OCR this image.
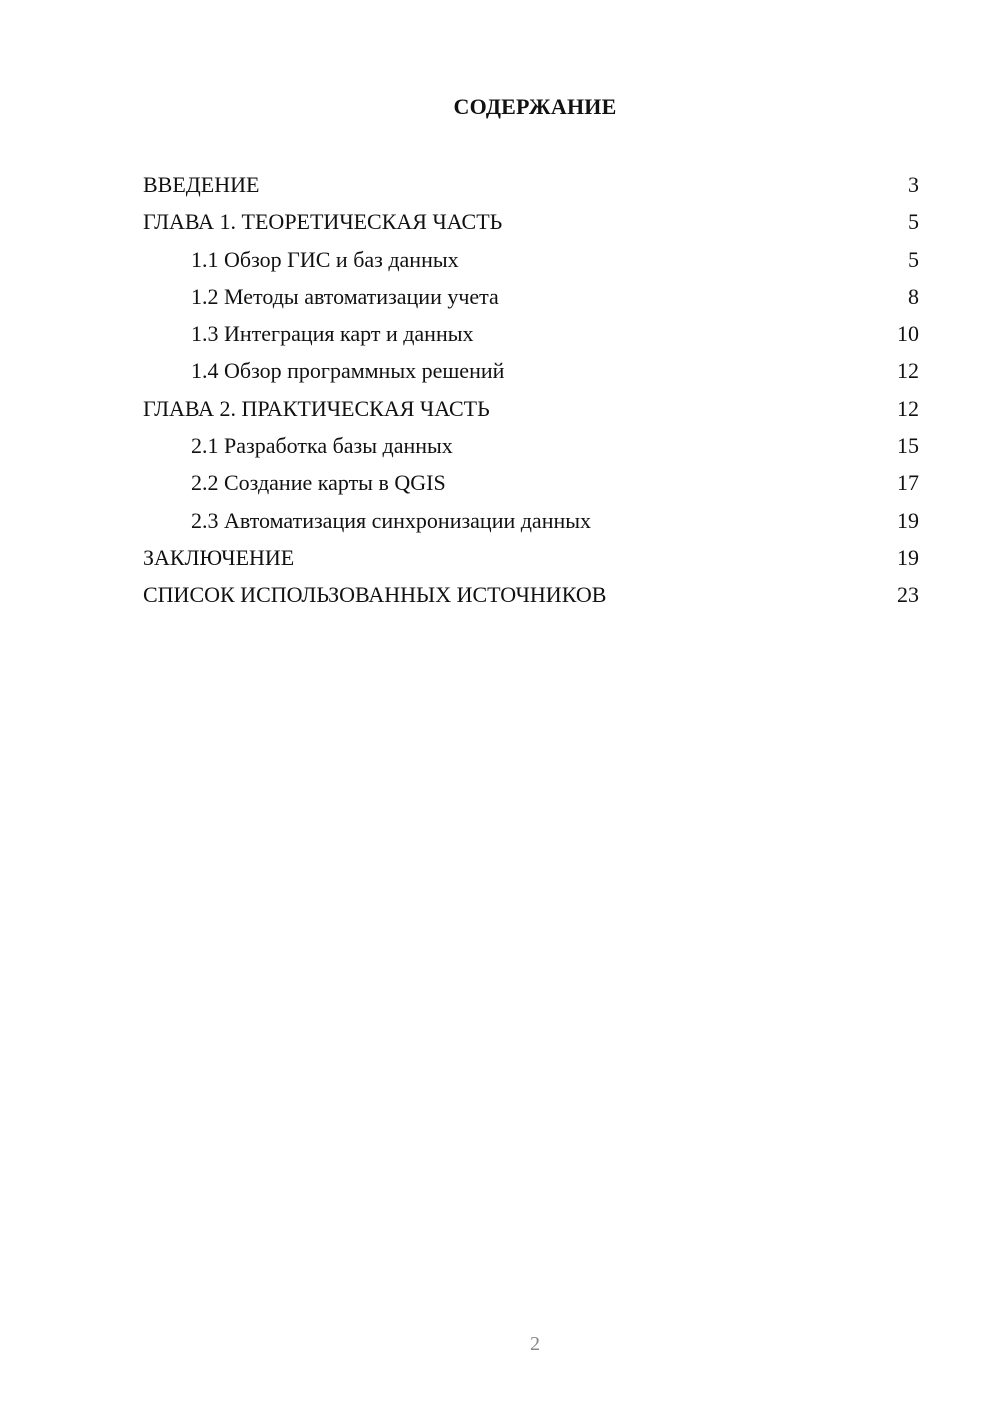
СОДЕРЖАНИЕ
ВВЕДЕНИЕ	3
ГЛАВА 1. ТЕОРЕТИЧЕСКАЯ ЧАСТЬ	5
1.1 Обзор ГИС и баз данных	5
1.2 Методы автоматизации учета	8
1.3 Интеграция карт и данных	10
1.4 Обзор программных решений	12
ГЛАВА 2. ПРАКТИЧЕСКАЯ ЧАСТЬ	12
2.1 Разработка базы данных	15
2.2 Создание карты в QGIS	17
2.3 Автоматизация синхронизации данных	19
ЗАКЛЮЧЕНИЕ	19
СПИСОК ИСПОЛЬЗОВАННЫХ ИСТОЧНИКОВ	23
2
